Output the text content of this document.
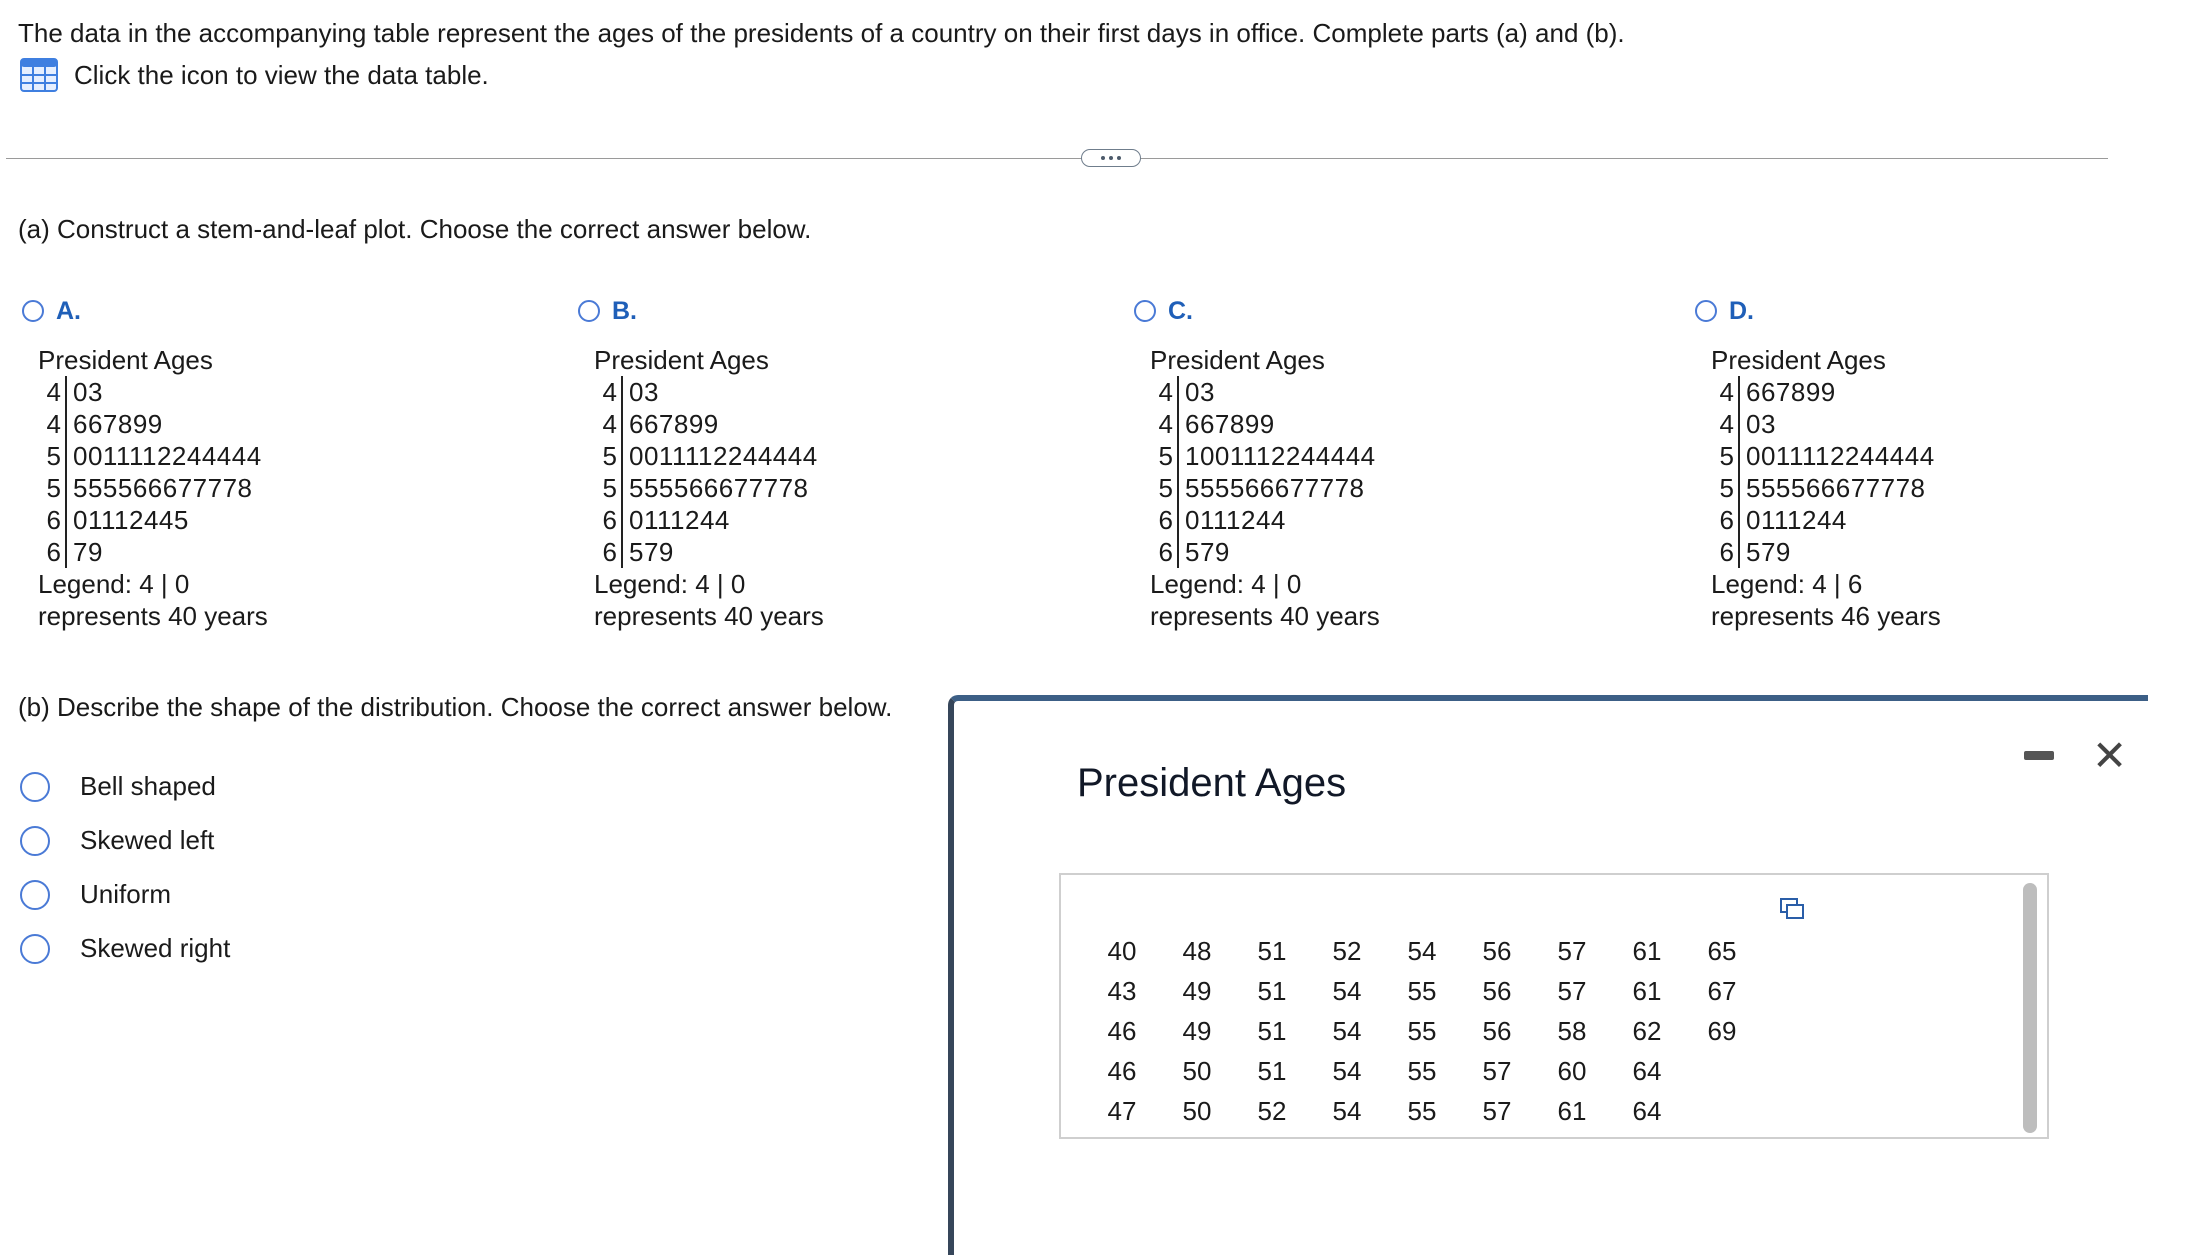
The data in the accompanying table represent the ages of the presidents of a country on their first days in office. Complete parts (a) and (b).
Click the icon to view the data table.
(a) Construct a stem-and-leaf plot. Choose the correct answer below.
A.
President Ages
4 03
4 667899
5 0011112244444
5 555566677778
6 01112445
6 79
Legend: 4 | 0 represents 40 years
B.
President Ages
4 03
4 667899
5 0011112244444
5 555566677778
6 0111244
6 579
Legend: 4 | 0 represents 40 years
C.
President Ages
4 03
4 667899
5 1001112244444
5 555566677778
6 0111244
6 579
Legend: 4 | 0 represents 40 years
D.
President Ages
4 667899
4 03
5 0011112244444
5 555566677778
6 0111244
6 579
Legend: 4 | 6 represents 46 years
(b) Describe the shape of the distribution. Choose the correct answer below.
Bell shaped
Skewed left
Uniform
Skewed right
President Ages
✕
40	48	51	52	54	56	57	61	65
43	49	51	54	55	56	57	61	67
46	49	51	54	55	56	58	62	69
46	50	51	54	55	57	60	64
47	50	52	54	55	57	61	64
